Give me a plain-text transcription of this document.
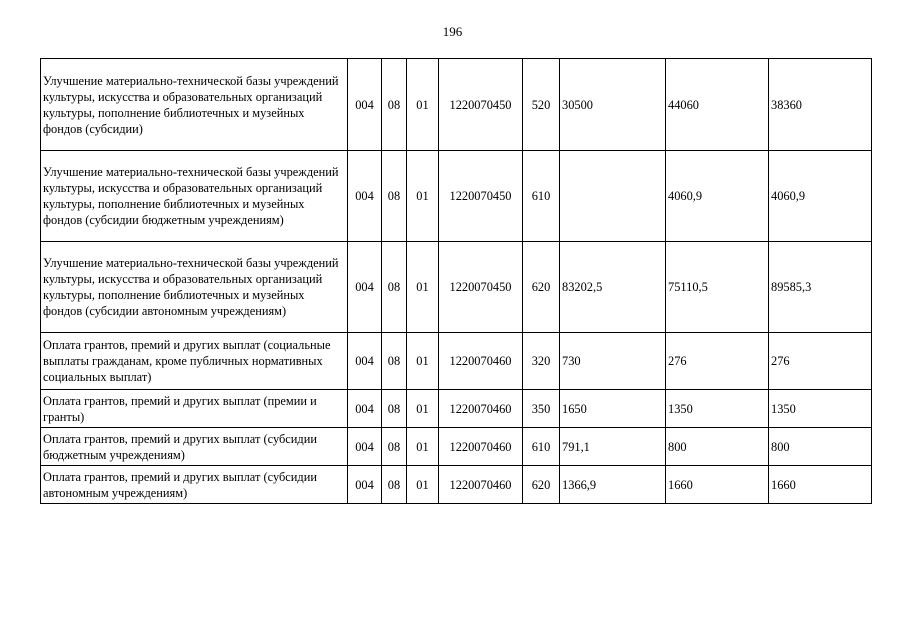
196
Улучшение материально-технической базы учреждений культуры, искусства и образовательных организаций культуры, пополнение библиотечных и музейных фондов (субсидии)	004	08	01	1220070450	520	30500	44060	38360
Улучшение материально-технической базы учреждений культуры, искусства и образовательных организаций культуры, пополнение библиотечных и музейных фондов (субсидии бюджетным учреждениям)	004	08	01	1220070450	610		4060,9	4060,9
Улучшение материально-технической базы учреждений культуры, искусства и образовательных организаций культуры, пополнение библиотечных и музейных фондов (субсидии автономным учреждениям)	004	08	01	1220070450	620	83202,5	75110,5	89585,3
Оплата грантов, премий и других выплат (социальные выплаты гражданам, кроме публичных нормативных социальных выплат)	004	08	01	1220070460	320	730	276	276
Оплата грантов, премий и других выплат (премии и гранты)	004	08	01	1220070460	350	1650	1350	1350
Оплата грантов, премий и других выплат (субсидии бюджетным учреждениям)	004	08	01	1220070460	610	791,1	800	800
Оплата грантов, премий и других выплат (субсидии автономным учреждениям)	004	08	01	1220070460	620	1366,9	1660	1660
